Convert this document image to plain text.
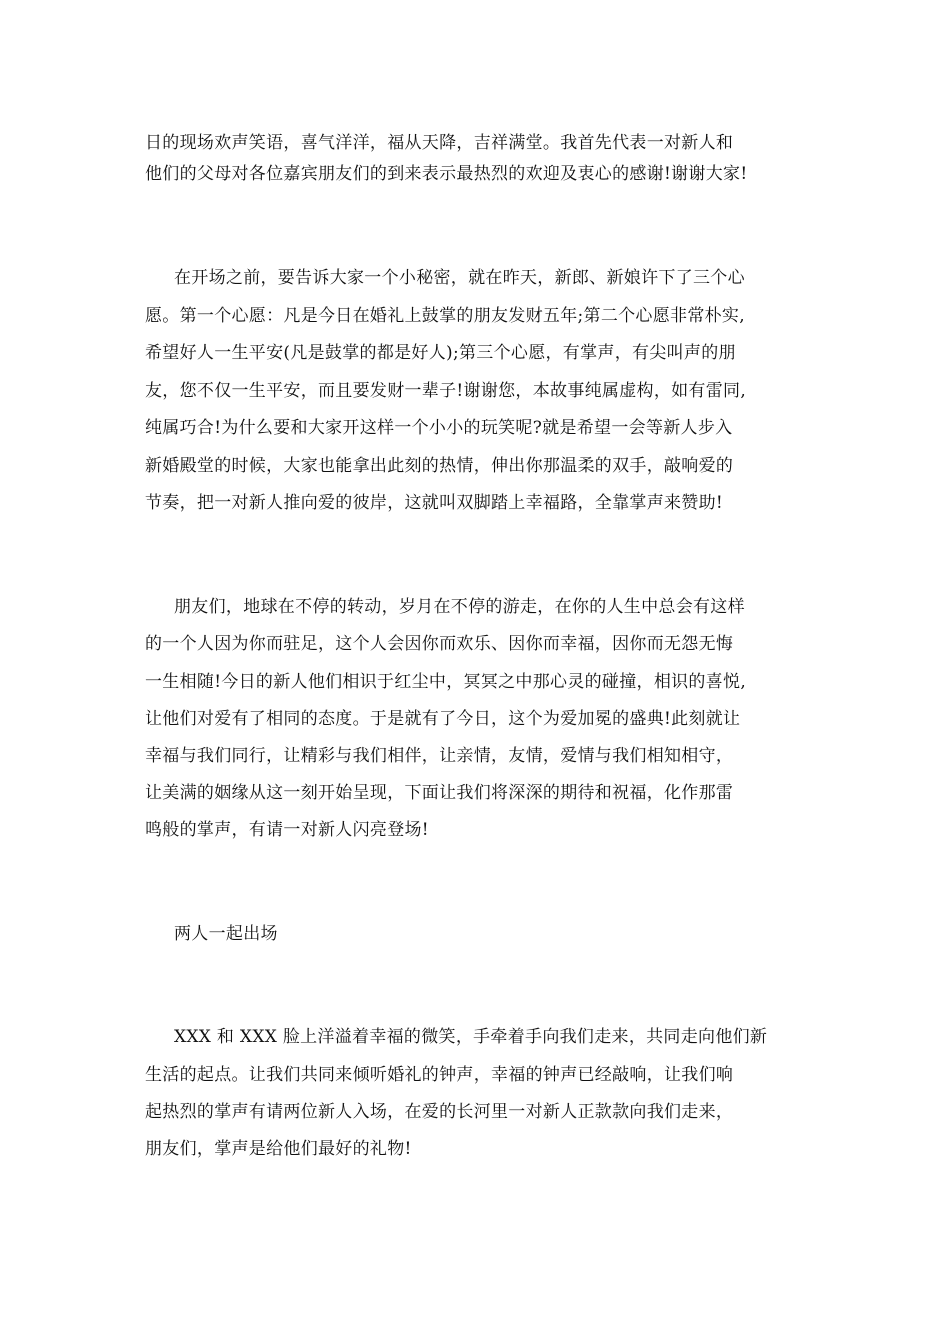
日的现场欢声笑语，喜气洋洋，福从天降，吉祥满堂。我首先代表一对新人和
他们的父母对各位嘉宾朋友们的到来表示最热烈的欢迎及衷心的感谢!谢谢大家!
在开场之前，要告诉大家一个小秘密，就在昨天，新郎、新娘许下了三个心
愿。第一个心愿：凡是今日在婚礼上鼓掌的朋友发财五年;第二个心愿非常朴实,
希望好人一生平安(凡是鼓掌的都是好人);第三个心愿，有掌声，有尖叫声的朋
友，您不仅一生平安，而且要发财一辈子!谢谢您，本故事纯属虚构，如有雷同,
纯属巧合!为什么要和大家开这样一个小小的玩笑呢?就是希望一会等新人步入
新婚殿堂的时候，大家也能拿出此刻的热情，伸出你那温柔的双手，敲响爱的
节奏，把一对新人推向爱的彼岸，这就叫双脚踏上幸福路，全靠掌声来赞助!
朋友们，地球在不停的转动，岁月在不停的游走，在你的人生中总会有这样
的一个人因为你而驻足，这个人会因你而欢乐、因你而幸福，因你而无怨无悔
一生相随!今日的新人他们相识于红尘中，冥冥之中那心灵的碰撞，相识的喜悦,
让他们对爱有了相同的态度。于是就有了今日，这个为爱加冕的盛典!此刻就让
幸福与我们同行，让精彩与我们相伴，让亲情，友情，爱情与我们相知相守，
让美满的姻缘从这一刻开始呈现，下面让我们将深深的期待和祝福，化作那雷
鸣般的掌声，有请一对新人闪亮登场!
两人一起出场
XXX 和 XXX 脸上洋溢着幸福的微笑，手牵着手向我们走来，共同走向他们新
生活的起点。让我们共同来倾听婚礼的钟声，幸福的钟声已经敲响，让我们响
起热烈的掌声有请两位新人入场，在爱的长河里一对新人正款款向我们走来，
朋友们，掌声是给他们最好的礼物!
